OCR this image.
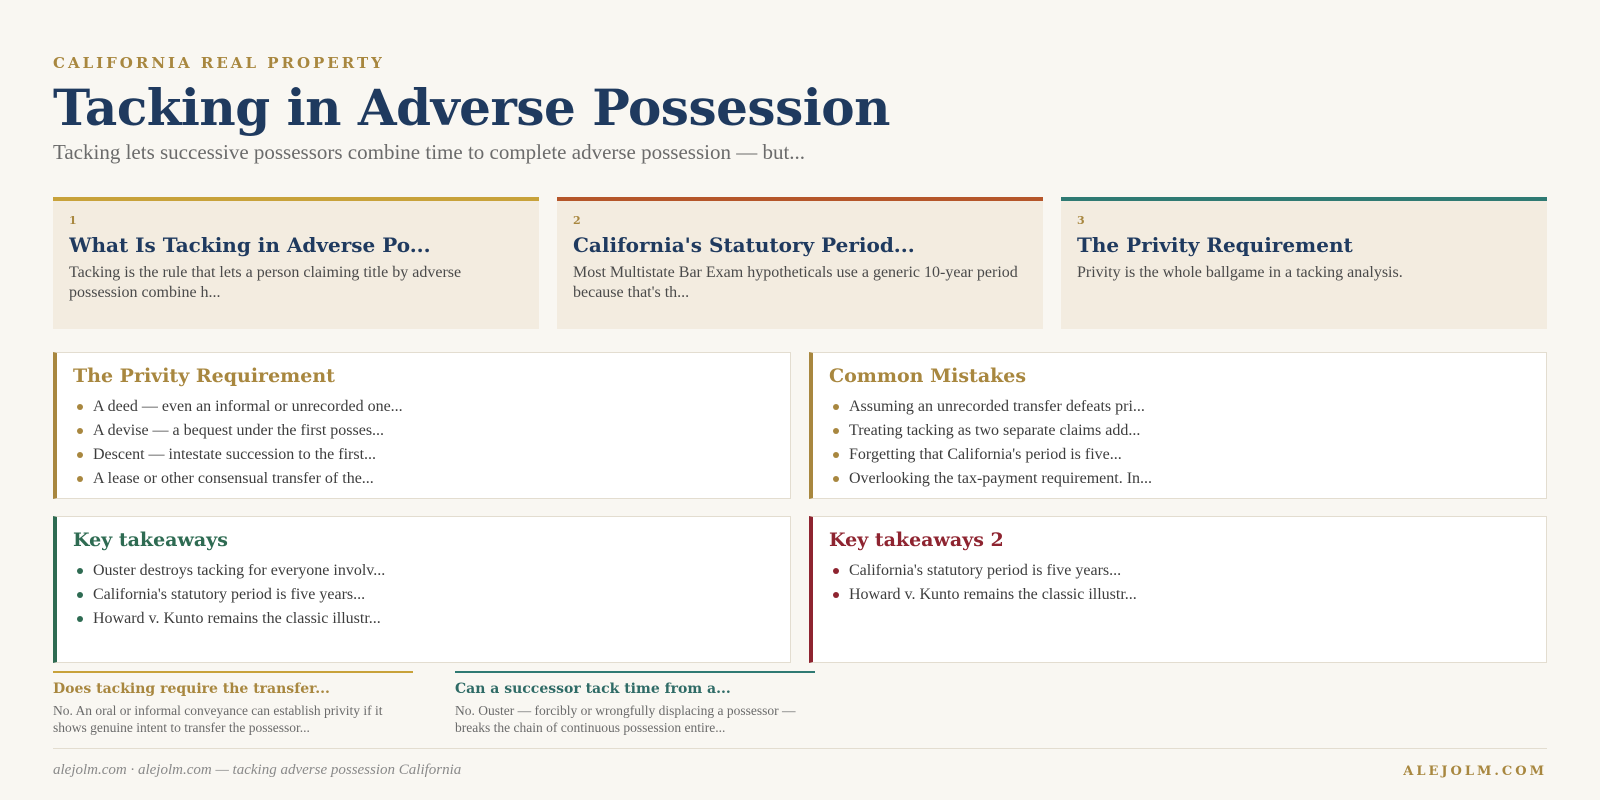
CALIFORNIA REAL PROPERTY
Tacking in Adverse Possession
Tacking lets successive possessors combine time to complete adverse possession — but...
1
What Is Tacking in Adverse Po...
Tacking is the rule that lets a person claiming title by adverse possession combine h...
2
California's Statutory Period...
Most Multistate Bar Exam hypotheticals use a generic 10-year period because that's th...
3
The Privity Requirement
Privity is the whole ballgame in a tacking analysis.
The Privity Requirement
A deed — even an informal or unrecorded one...
A devise — a bequest under the first posses...
Descent — intestate succession to the first...
A lease or other consensual transfer of the...
Common Mistakes
Assuming an unrecorded transfer defeats pri...
Treating tacking as two separate claims add...
Forgetting that California's period is five...
Overlooking the tax-payment requirement. In...
Key takeaways
Ouster destroys tacking for everyone involv...
California's statutory period is five years...
Howard v. Kunto remains the classic illustr...
Key takeaways 2
California's statutory period is five years...
Howard v. Kunto remains the classic illustr...
Does tacking require the transfer...
No. An oral or informal conveyance can establish privity if it shows genuine intent to transfer the possessor...
Can a successor tack time from a...
No. Ouster — forcibly or wrongfully displacing a possessor — breaks the chain of continuous possession entire...
alejolm.com · alejolm.com — tacking adverse possession California	ALEJOLM.COM
